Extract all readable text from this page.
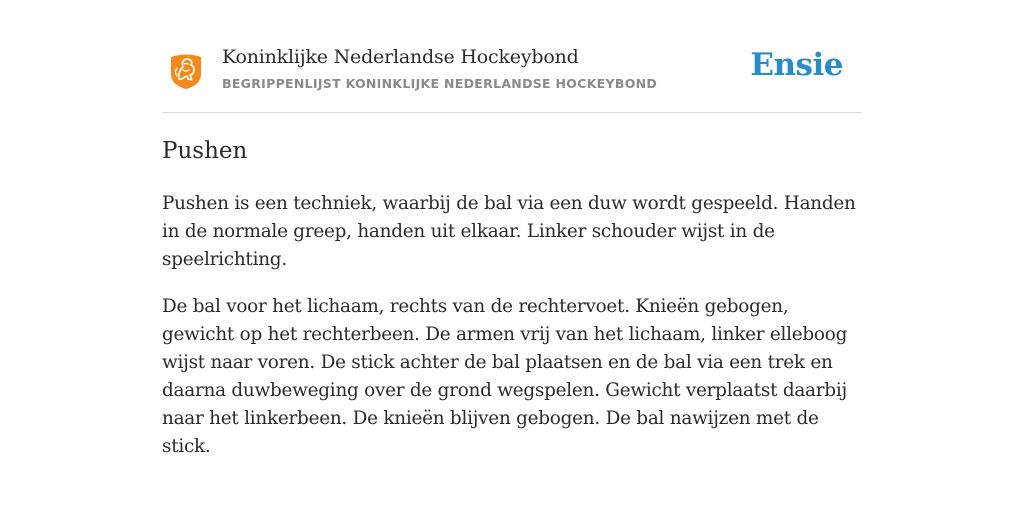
Koninklijke Nederlandse Hockeybond
BEGRIPPENLIJST KONINKLIJKE NEDERLANDSE HOCKEYBOND
Ensie
Pushen

Pushen is een techniek, waarbij de bal via een duw wordt gespeeld. Handen in de normale greep, handen uit elkaar. Linker schouder wijst in de speelrichting.

De bal voor het lichaam, rechts van de rechtervoet. Knieën gebogen, gewicht op het rechterbeen. De armen vrij van het lichaam, linker elleboog wijst naar voren. De stick achter de bal plaatsen en de bal via een trek en daarna duwbeweging over de grond wegspelen. Gewicht verplaatst daarbij naar het linkerbeen. De knieën blijven gebogen. De bal nawijzen met de stick.
